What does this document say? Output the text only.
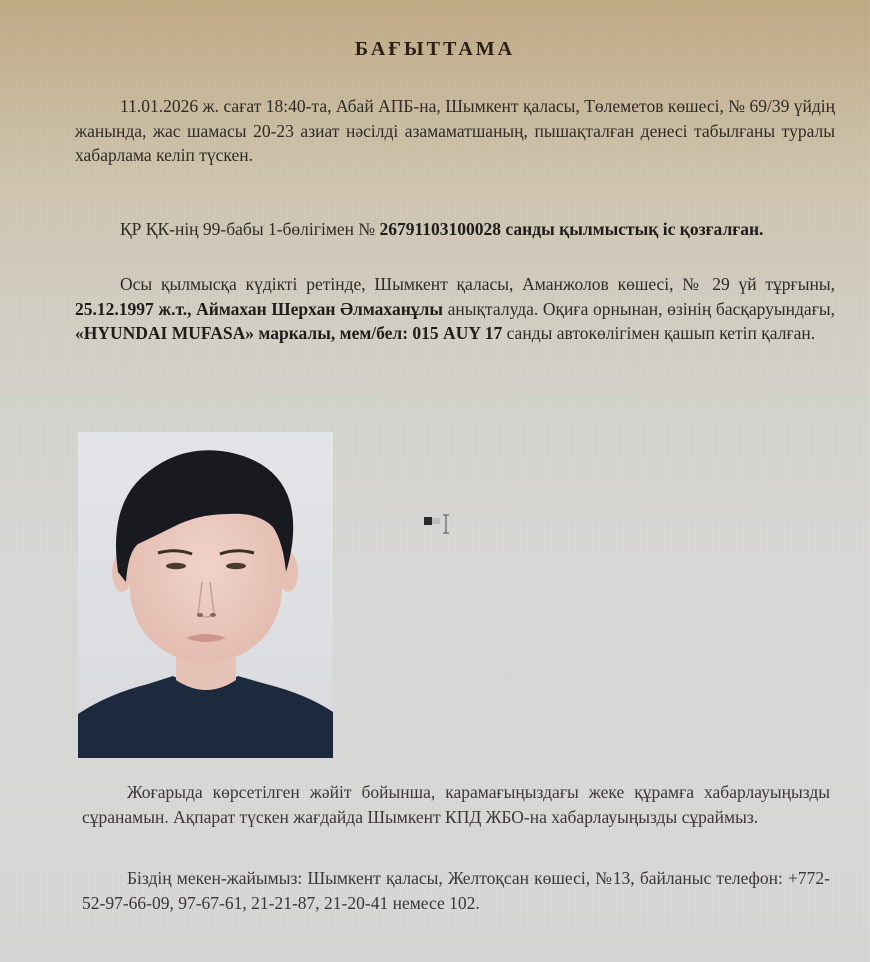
БАҒЫТТАМА
11.01.2026 ж. сағат 18:40-та, Абай АПБ-на, Шымкент қаласы, Төлеметов көшесі, № 69/39 үйдің жанында, жас шамасы 20-23 азиат нәсілді азамаматшаның, пышақталған денесі табылғаны туралы хабарлама келіп түскен.
ҚР ҚК-нің 99-бабы 1-бөлігімен № 26791103100028 санды қылмыстық іс қозғалған.
Осы қылмысқа күдікті ретінде, Шымкент қаласы, Аманжолов көшесі, № 29 үй тұрғыны, 25.12.1997 ж.т., Аймахан Шерхан Әлмаханұлы анықталуда. Оқиға орнынан, өзінің басқаруындағы, «HYUNDAI MUFASA» маркалы, мем/бел: 015 AUY 17 санды автокөлігімен қашып кетіп қалған.
Жоғарыда көрсетілген жәйіт бойынша, карамағыңыздағы жеке құрамға хабарлауыңызды сұранамын. Ақпарат түскен жағдайда Шымкент КПД ЖБО-на хабарлауыңызды сұраймыз.
Біздің мекен-жайымыз: Шымкент қаласы, Желтоқсан көшесі, №13, байланыс телефон: +772-52-97-66-09, 97-67-61, 21-21-87, 21-20-41 немесе 102.
